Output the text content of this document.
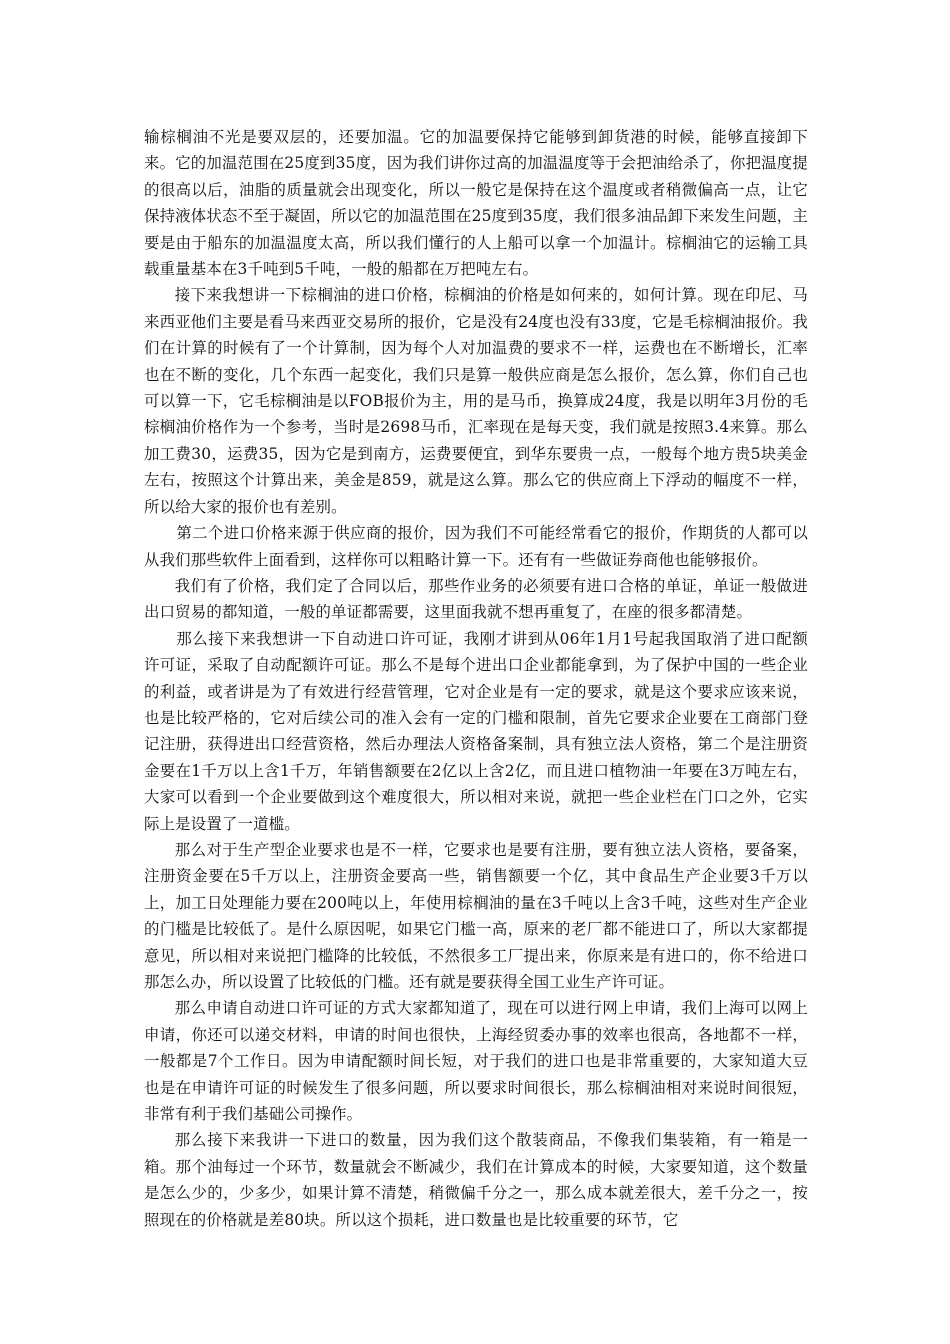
输棕榈油不光是要双层的，还要加温。它的加温要保持它能够到卸货港的时候，能够直接卸下来。它的加温范围在25度到35度，因为我们讲你过高的加温温度等于会把油给杀了，你把温度提的很高以后，油脂的质量就会出现变化，所以一般它是保持在这个温度或者稍微偏高一点，让它保持液体状态不至于凝固，所以它的加温范围在25度到35度，我们很多油品卸下来发生问题，主要是由于船东的加温温度太高，所以我们懂行的人上船可以拿一个加温计。棕榈油它的运输工具载重量基本在3千吨到5千吨，一般的船都在万把吨左右。

接下来我想讲一下棕榈油的进口价格，棕榈油的价格是如何来的，如何计算。现在印尼、马来西亚他们主要是看马来西亚交易所的报价，它是没有24度也没有33度，它是毛棕榈油报价。我们在计算的时候有了一个计算制，因为每个人对加温费的要求不一样，运费也在不断增长，汇率也在不断的变化，几个东西一起变化，我们只是算一般供应商是怎么报价，怎么算，你们自己也可以算一下，它毛棕榈油是以FOB报价为主，用的是马币，换算成24度，我是以明年3月份的毛棕榈油价格作为一个参考，当时是2698马币，汇率现在是每天变，我们就是按照3.4来算。那么加工费30，运费35，因为它是到南方，运费要便宜，到华东要贵一点，一般每个地方贵5块美金左右，按照这个计算出来，美金是859，就是这么算。那么它的供应商上下浮动的幅度不一样，所以给大家的报价也有差别。

第二个进口价格来源于供应商的报价，因为我们不可能经常看它的报价，作期货的人都可以从我们那些软件上面看到，这样你可以粗略计算一下。还有有一些做证券商他也能够报价。

我们有了价格，我们定了合同以后，那些作业务的必须要有进口合格的单证，单证一般做进出口贸易的都知道，一般的单证都需要，这里面我就不想再重复了，在座的很多都清楚。

那么接下来我想讲一下自动进口许可证，我刚才讲到从06年1月1号起我国取消了进口配额许可证，采取了自动配额许可证。那么不是每个进出口企业都能拿到，为了保护中国的一些企业的利益，或者讲是为了有效进行经营管理，它对企业是有一定的要求，就是这个要求应该来说，也是比较严格的，它对后续公司的准入会有一定的门槛和限制，首先它要求企业要在工商部门登记注册，获得进出口经营资格，然后办理法人资格备案制，具有独立法人资格，第二个是注册资金要在1千万以上含1千万，年销售额要在2亿以上含2亿，而且进口植物油一年要在3万吨左右，大家可以看到一个企业要做到这个难度很大，所以相对来说，就把一些企业栏在门口之外，它实际上是设置了一道槛。

那么对于生产型企业要求也是不一样，它要求也是要有注册，要有独立法人资格，要备案，注册资金要在5千万以上，注册资金要高一些，销售额要一个亿，其中食品生产企业要3千万以上，加工日处理能力要在200吨以上，年使用棕榈油的量在3千吨以上含3千吨，这些对生产企业的门槛是比较低了。是什么原因呢，如果它门槛一高，原来的老厂都不能进口了，所以大家都提意见，所以相对来说把门槛降的比较低，不然很多工厂提出来，你原来是有进口的，你不给进口那怎么办，所以设置了比较低的门槛。还有就是要获得全国工业生产许可证。

那么申请自动进口许可证的方式大家都知道了，现在可以进行网上申请，我们上海可以网上申请，你还可以递交材料，申请的时间也很快，上海经贸委办事的效率也很高，各地都不一样，一般都是7个工作日。因为申请配额时间长短，对于我们的进口也是非常重要的，大家知道大豆也是在申请许可证的时候发生了很多问题，所以要求时间很长，那么棕榈油相对来说时间很短，非常有利于我们基础公司操作。

那么接下来我讲一下进口的数量，因为我们这个散装商品，不像我们集装箱，有一箱是一箱。那个油每过一个环节，数量就会不断减少，我们在计算成本的时候，大家要知道，这个数量是怎么少的，少多少，如果计算不清楚，稍微偏千分之一，那么成本就差很大，差千分之一，按照现在的价格就是差80块。所以这个损耗，进口数量也是比较重要的环节，它
